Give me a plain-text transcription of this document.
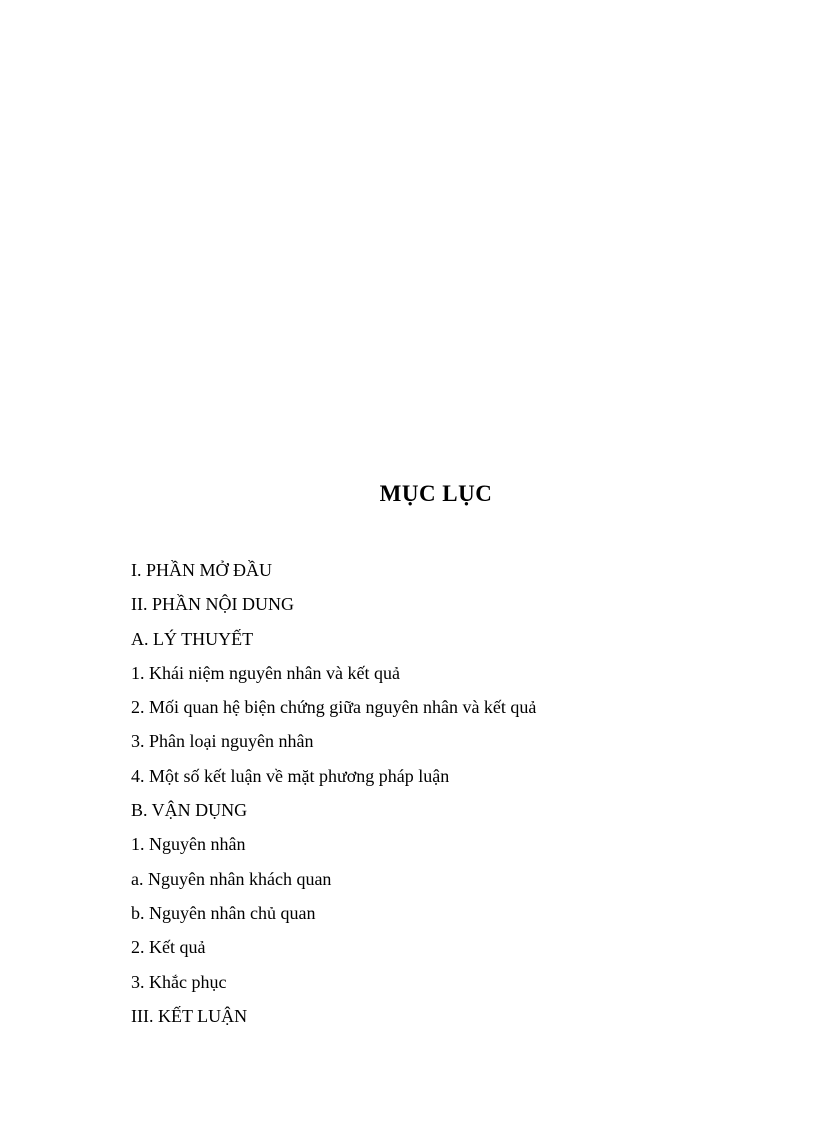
MỤC LỤC
I. PHẦN MỞ ĐẦU
II. PHẦN NỘI DUNG
A. LÝ THUYẾT
1. Khái niệm nguyên nhân và kết quả
2. Mối quan hệ biện chứng giữa nguyên nhân và kết quả
3. Phân loại nguyên nhân
4. Một số kết luận về mặt phương pháp luận
B. VẬN DỤNG
1. Nguyên nhân
a. Nguyên nhân khách quan
b. Nguyên nhân chủ quan
2. Kết quả
3. Khắc phục
III. KẾT LUẬN
